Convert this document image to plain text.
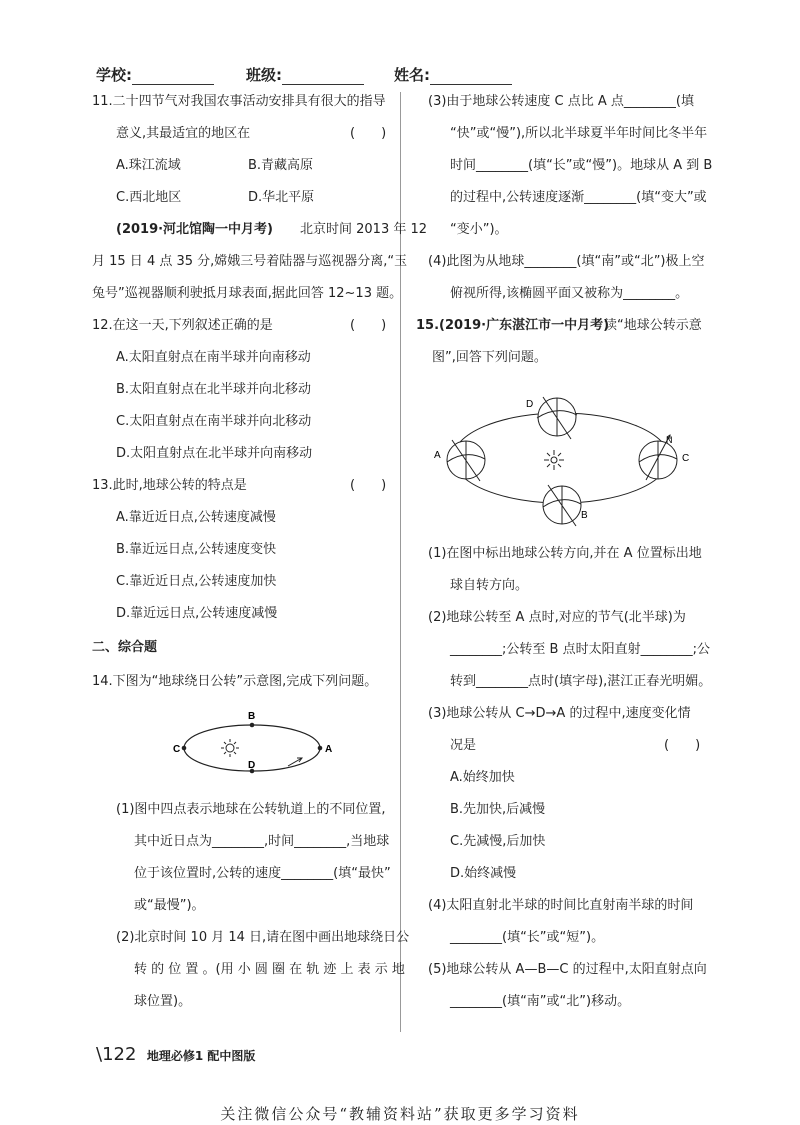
学校:	班级:	姓名:
11.二十四节气对我国农事活动安排具有很大的指导
意义,其最适宜的地区在	(　　)
A.珠江流域	B.青藏高原
C.西北地区	D.华北平原
(2019·河北馆陶一中月考) 北京时间 2013 年 12
月 15 日 4 点 35 分,嫦娥三号着陆器与巡视器分离,“玉
兔号”巡视器顺利驶抵月球表面,据此回答 12~13 题。
12.在这一天,下列叙述正确的是	(　　)
A.太阳直射点在南半球并向南移动
B.太阳直射点在北半球并向北移动
C.太阳直射点在南半球并向北移动
D.太阳直射点在北半球并向南移动
13.此时,地球公转的特点是	(　　)
A.靠近近日点,公转速度减慢
B.靠近远日点,公转速度变快
C.靠近近日点,公转速度加快
D.靠近远日点,公转速度减慢
二、综合题
14.下图为“地球绕日公转”示意图,完成下列问题。
B
C	A
D
(1)图中四点表示地球在公转轨道上的不同位置,
其中近日点为________,时间________,当地球
位于该位置时,公转的速度________(填“最快”
或“最慢”)。
(2)北京时间 10 月 14 日,请在图中画出地球绕日公
转 的 位 置 。(用 小 圆 圈 在 轨 迹 上 表 示 地
球位置)。
(3)由于地球公转速度 C 点比 A 点________(填
“快”或“慢”),所以北半球夏半年时间比冬半年
时间________(填“长”或“慢”)。地球从 A 到 B
的过程中,公转速度逐渐________(填“变大”或
“变小”)。
(4)此图为从地球________(填“南”或“北”)极上空
俯视所得,该椭圆平面又被称为________。
15.(2019·广东湛江市一中月考)
读“地球公转示意
图”,回答下列问题。
D
A	C
B
N
(1)在图中标出地球公转方向,并在 A 位置标出地
球自转方向。
(2)地球公转至 A 点时,对应的节气(北半球)为
________;公转至 B 点时太阳直射________;公
转到________点时(填字母),湛江正春光明媚。
(3)地球公转从 C→D→A 的过程中,速度变化情
况是	(　　)
A.始终加快
B.先加快,后减慢
C.先减慢,后加快
D.始终减慢
(4)太阳直射北半球的时间比直射南半球的时间
________(填“长”或“短”)。
(5)地球公转从 A—B—C 的过程中,太阳直射点向
________(填“南”或“北”)移动。
\122 地理必修1 配中图版
关注微信公众号“教辅资料站”获取更多学习资料
